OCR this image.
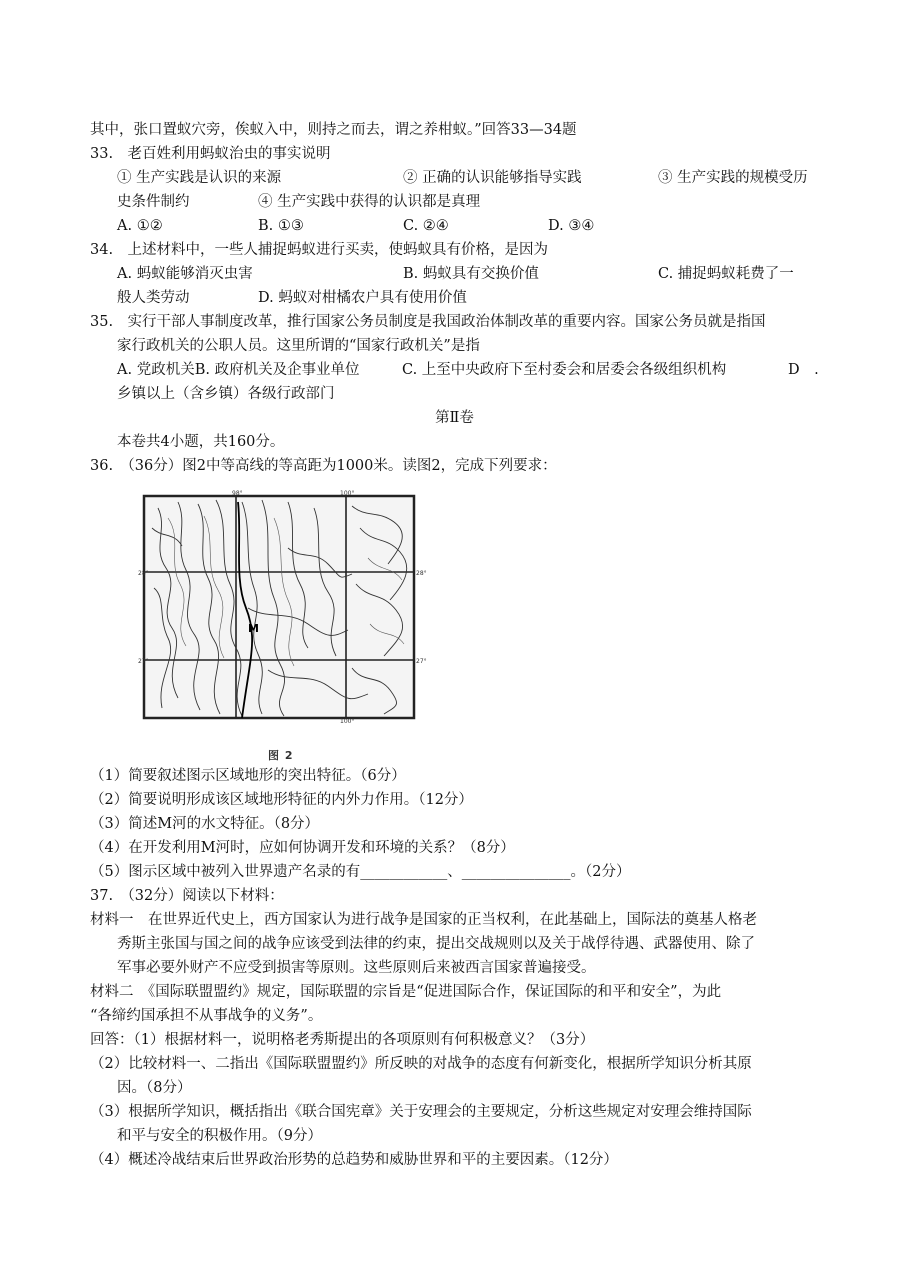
其中，张口置蚁穴旁，俟蚁入中，则持之而去，谓之养柑蚁。”回答33—34题
33.　老百姓利用蚂蚁治虫的事实说明
① 生产实践是认识的来源	② 正确的认识能够指导实践	③ 生产实践的规模受历
史条件制约	④ 生产实践中获得的认识都是真理
A. ①②	B. ①③	C. ②④	D. ③④
34.　上述材料中，一些人捕捉蚂蚁进行买卖，使蚂蚁具有价格，是因为
A. 蚂蚁能够消灭虫害	B. 蚂蚁具有交换价值	C. 捕捉蚂蚁耗费了一
般人类劳动	D. 蚂蚁对柑橘农户具有使用价值
35.　实行干部人事制度改革，推行国家公务员制度是我国政治体制改革的重要内容。国家公务员就是指国
家行政机关的公职人员。这里所谓的“国家行政机关”是指
A. 党政机关B. 政府机关及企事业单位	C. 上至中央政府下至村委会和居委会各级组织机构	D　.
乡镇以上（含乡镇）各级行政部门
第Ⅱ卷
本卷共4小题，共160分。
36.　（36分）图2中等高线的等高距为1000米。读图2，完成下列要求：
M
98°	100°
28°
27°
28°
27°
100°
图 2
（1）简要叙述图示区域地形的突出特征。（6分）
（2）简要说明形成该区域地形特征的内外力作用。（12分）
（3）简述M河的水文特征。（8分）
（4）在开发利用M河时，应如何协调开发和环境的关系？（8分）
（5）图示区域中被列入世界遗产名录的有____________、_______________。（2分）
37.　（32分）阅读以下材料：
材料一　在世界近代史上，西方国家认为进行战争是国家的正当权利，在此基础上，国际法的奠基人格老
秀斯主张国与国之间的战争应该受到法律的约束，提出交战规则以及关于战俘待遇、武器使用、除了
军事必要外财产不应受到损害等原则。这些原则后来被西言国家普遍接受。
材料二　《国际联盟盟约》规定，国际联盟的宗旨是“促进国际合作，保证国际的和平和安全”，为此
“各缔约国承担不从事战争的义务”。
回答：（1）根据材料一，说明格老秀斯提出的各项原则有何积极意义？（3分）
（2）比较材料一、二指出《国际联盟盟约》所反映的对战争的态度有何新变化，根据所学知识分析其原
因。（8分）
（3）根据所学知识，概括指出《联合国宪章》关于安理会的主要规定，分析这些规定对安理会维持国际
和平与安全的积极作用。（9分）
（4）概述冷战结束后世界政治形势的总趋势和威胁世界和平的主要因素。（12分）
